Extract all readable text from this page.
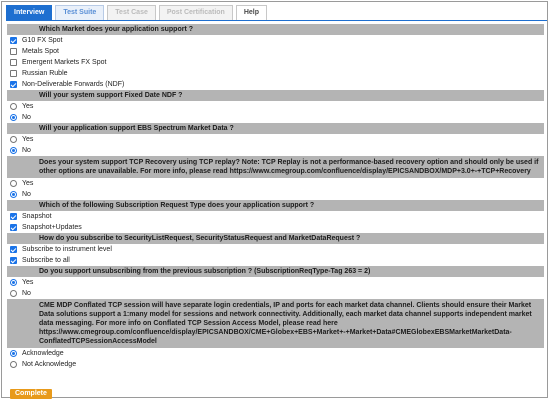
Interview	Test Suite	Test Case	Post Certification	Help
Which Market does your application support ?
G10 FX Spot
Metals Spot
Emergent Markets FX Spot
Russian Ruble
Non-Deliverable Forwards (NDF)
Will your system support Fixed Date NDF ?
Yes
No
Will your application support EBS Spectrum Market Data ?
Yes
No
Does your system support TCP Recovery using TCP replay? Note: TCP Replay is not a performance-based recovery option and should only be used if other options are unavailable. For more info, please read https://www.cmegroup.com/confluence/display/EPICSANDBOX/MDP+3.0+-+TCP+Recovery
Yes
No
Which of the following Subscription Request Type does your application support ?
Snapshot
Snapshot+Updates
How do you subscribe to SecurityListRequest, SecurityStatusRequest and MarketDataRequest ?
Subscribe to instrument level
Subscribe to all
Do you support unsubscribing from the previous subscription ? (SubscriptionReqType-Tag 263 = 2)
Yes
No
CME MDP Conflated TCP session will have separate login credentials, IP and ports for each market data channel. Clients should ensure their Market Data solutions support a 1:many model for sessions and network connectivity. Additionally, each market data channel supports independent market data messaging. For more info on Conflated TCP Session Access Model, please read here https://www.cmegroup.com/confluence/display/EPICSANDBOX/CME+Globex+EBS+Market+-+Market+Data#CMEGlobexEBSMarketMarketData-ConflatedTCPSessionAccessModel
Acknowledge
Not Acknowledge
Complete
